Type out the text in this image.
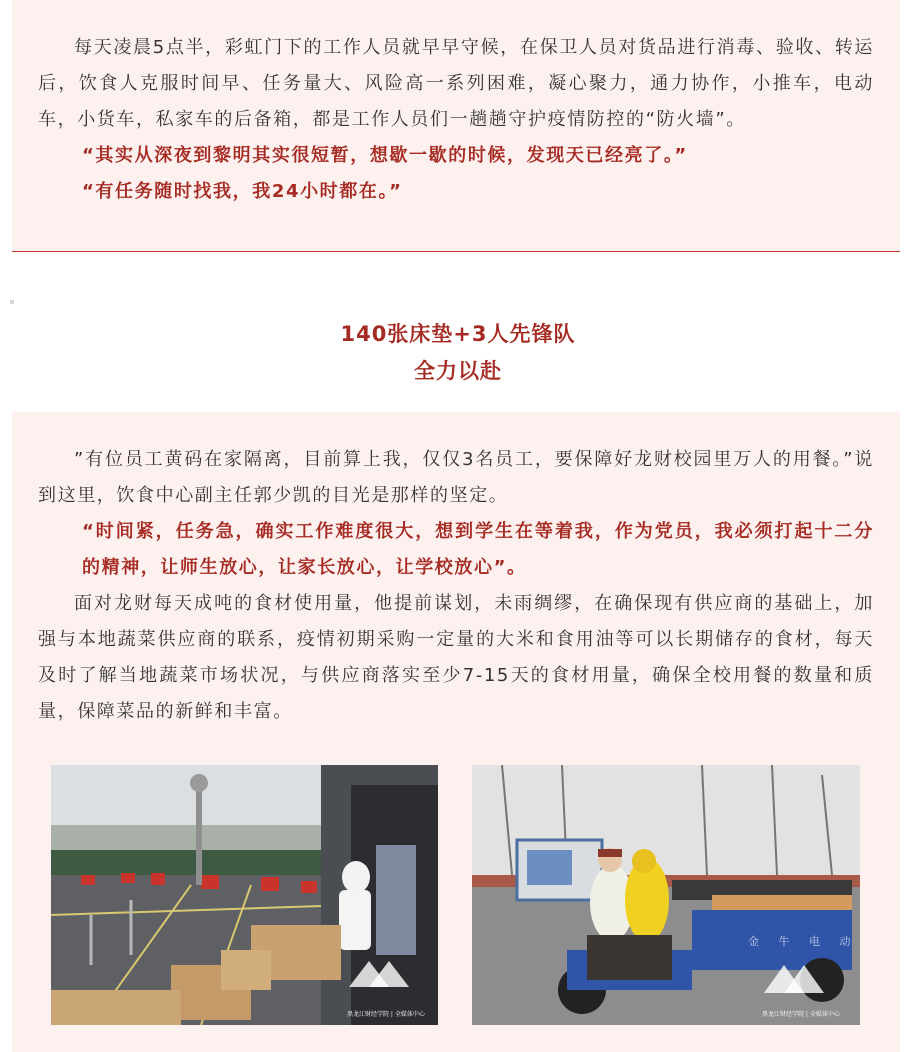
每天凌晨5点半，彩虹门下的工作人员就早早守候，在保卫人员对货品进行消毒、验收、转运后，饮食人克服时间早、任务量大、风险高一系列困难，凝心聚力，通力协作，小推车，电动车，小货车，私家车的后备箱，都是工作人员们一趟趟守护疫情防控的“防火墙”。

“其实从深夜到黎明其实很短暂，想歇一歇的时候，发现天已经亮了。”

“有任务随时找我，我24小时都在。”

140张床垫+3人先锋队
全力以赴

”有位员工黄码在家隔离，目前算上我，仅仅3名员工，要保障好龙财校园里万人的用餐。”说到这里，饮食中心副主任郭少凯的目光是那样的坚定。

“时间紧，任务急，确实工作难度很大，想到学生在等着我，作为党员，我必须打起十二分的精神，让师生放心，让家长放心，让学校放心”。

面对龙财每天成吨的食材使用量，他提前谋划，未雨绸缪，在确保现有供应商的基础上，加强与本地蔬菜供应商的联系，疫情初期采购一定量的大米和食用油等可以长期储存的食材，每天及时了解当地蔬菜市场状况，与供应商落实至少7-15天的食材用量，确保全校用餐的数量和质量，保障菜品的新鲜和丰富。

黑龙江财经学院 | 全媒体中心
金 牛 电 动
黑龙江财经学院 | 全媒体中心
